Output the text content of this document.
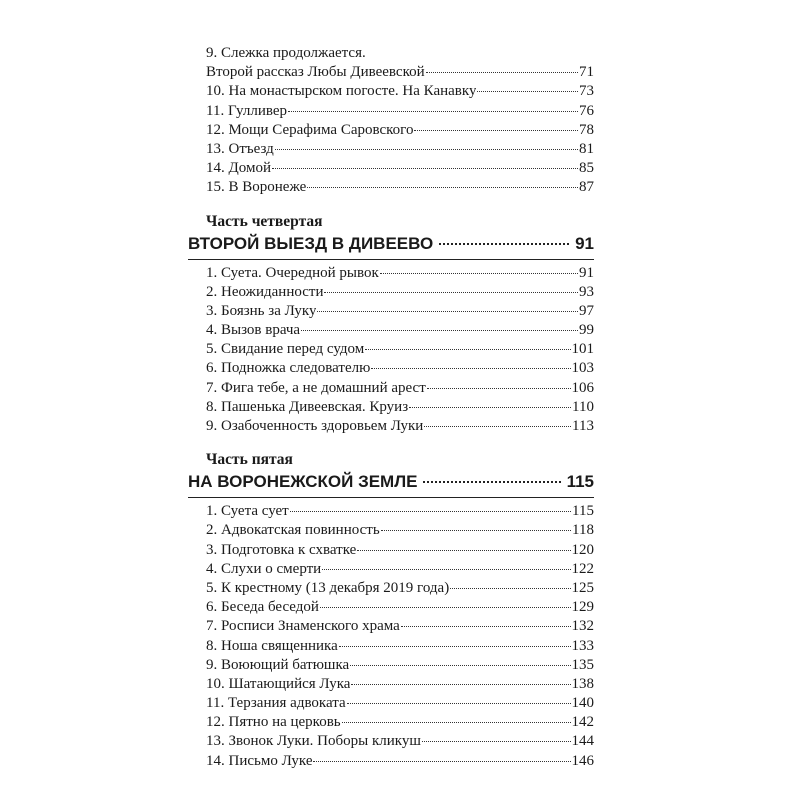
9. Слежка продолжается.
Второй рассказ Любы Дивеевской	71
10. На монастырском погосте. На Канавку	73
11. Гулливер	76
12. Мощи Серафима Саровского	78
13. Отъезд	81
14. Домой	85
15. В Воронеже	87
Часть четвертая
ВТОРОЙ ВЫЕЗД В ДИВЕЕВО	91
1. Суета. Очередной рывок	91
2. Неожиданности	93
3. Боязнь за Луку	97
4. Вызов врача	99
5. Свидание перед судом	101
6. Подножка следователю	103
7. Фига тебе, а не домашний арест	106
8. Пашенька Дивеевская. Круиз	110
9. Озабоченность здоровьем Луки	113
Часть пятая
НА ВОРОНЕЖСКОЙ ЗЕМЛЕ	115
1. Суета сует	115
2. Адвокатская повинность	118
3. Подготовка к схватке	120
4. Слухи о смерти	122
5. К крестному (13 декабря 2019 года)	125
6. Беседа беседой	129
7. Росписи Знаменского храма	132
8. Ноша священника	133
9. Воюющий батюшка	135
10. Шатающийся Лука	138
11. Терзания адвоката	140
12. Пятно на церковь	142
13. Звонок Луки. Поборы кликуш	144
14. Письмо Луке	146
